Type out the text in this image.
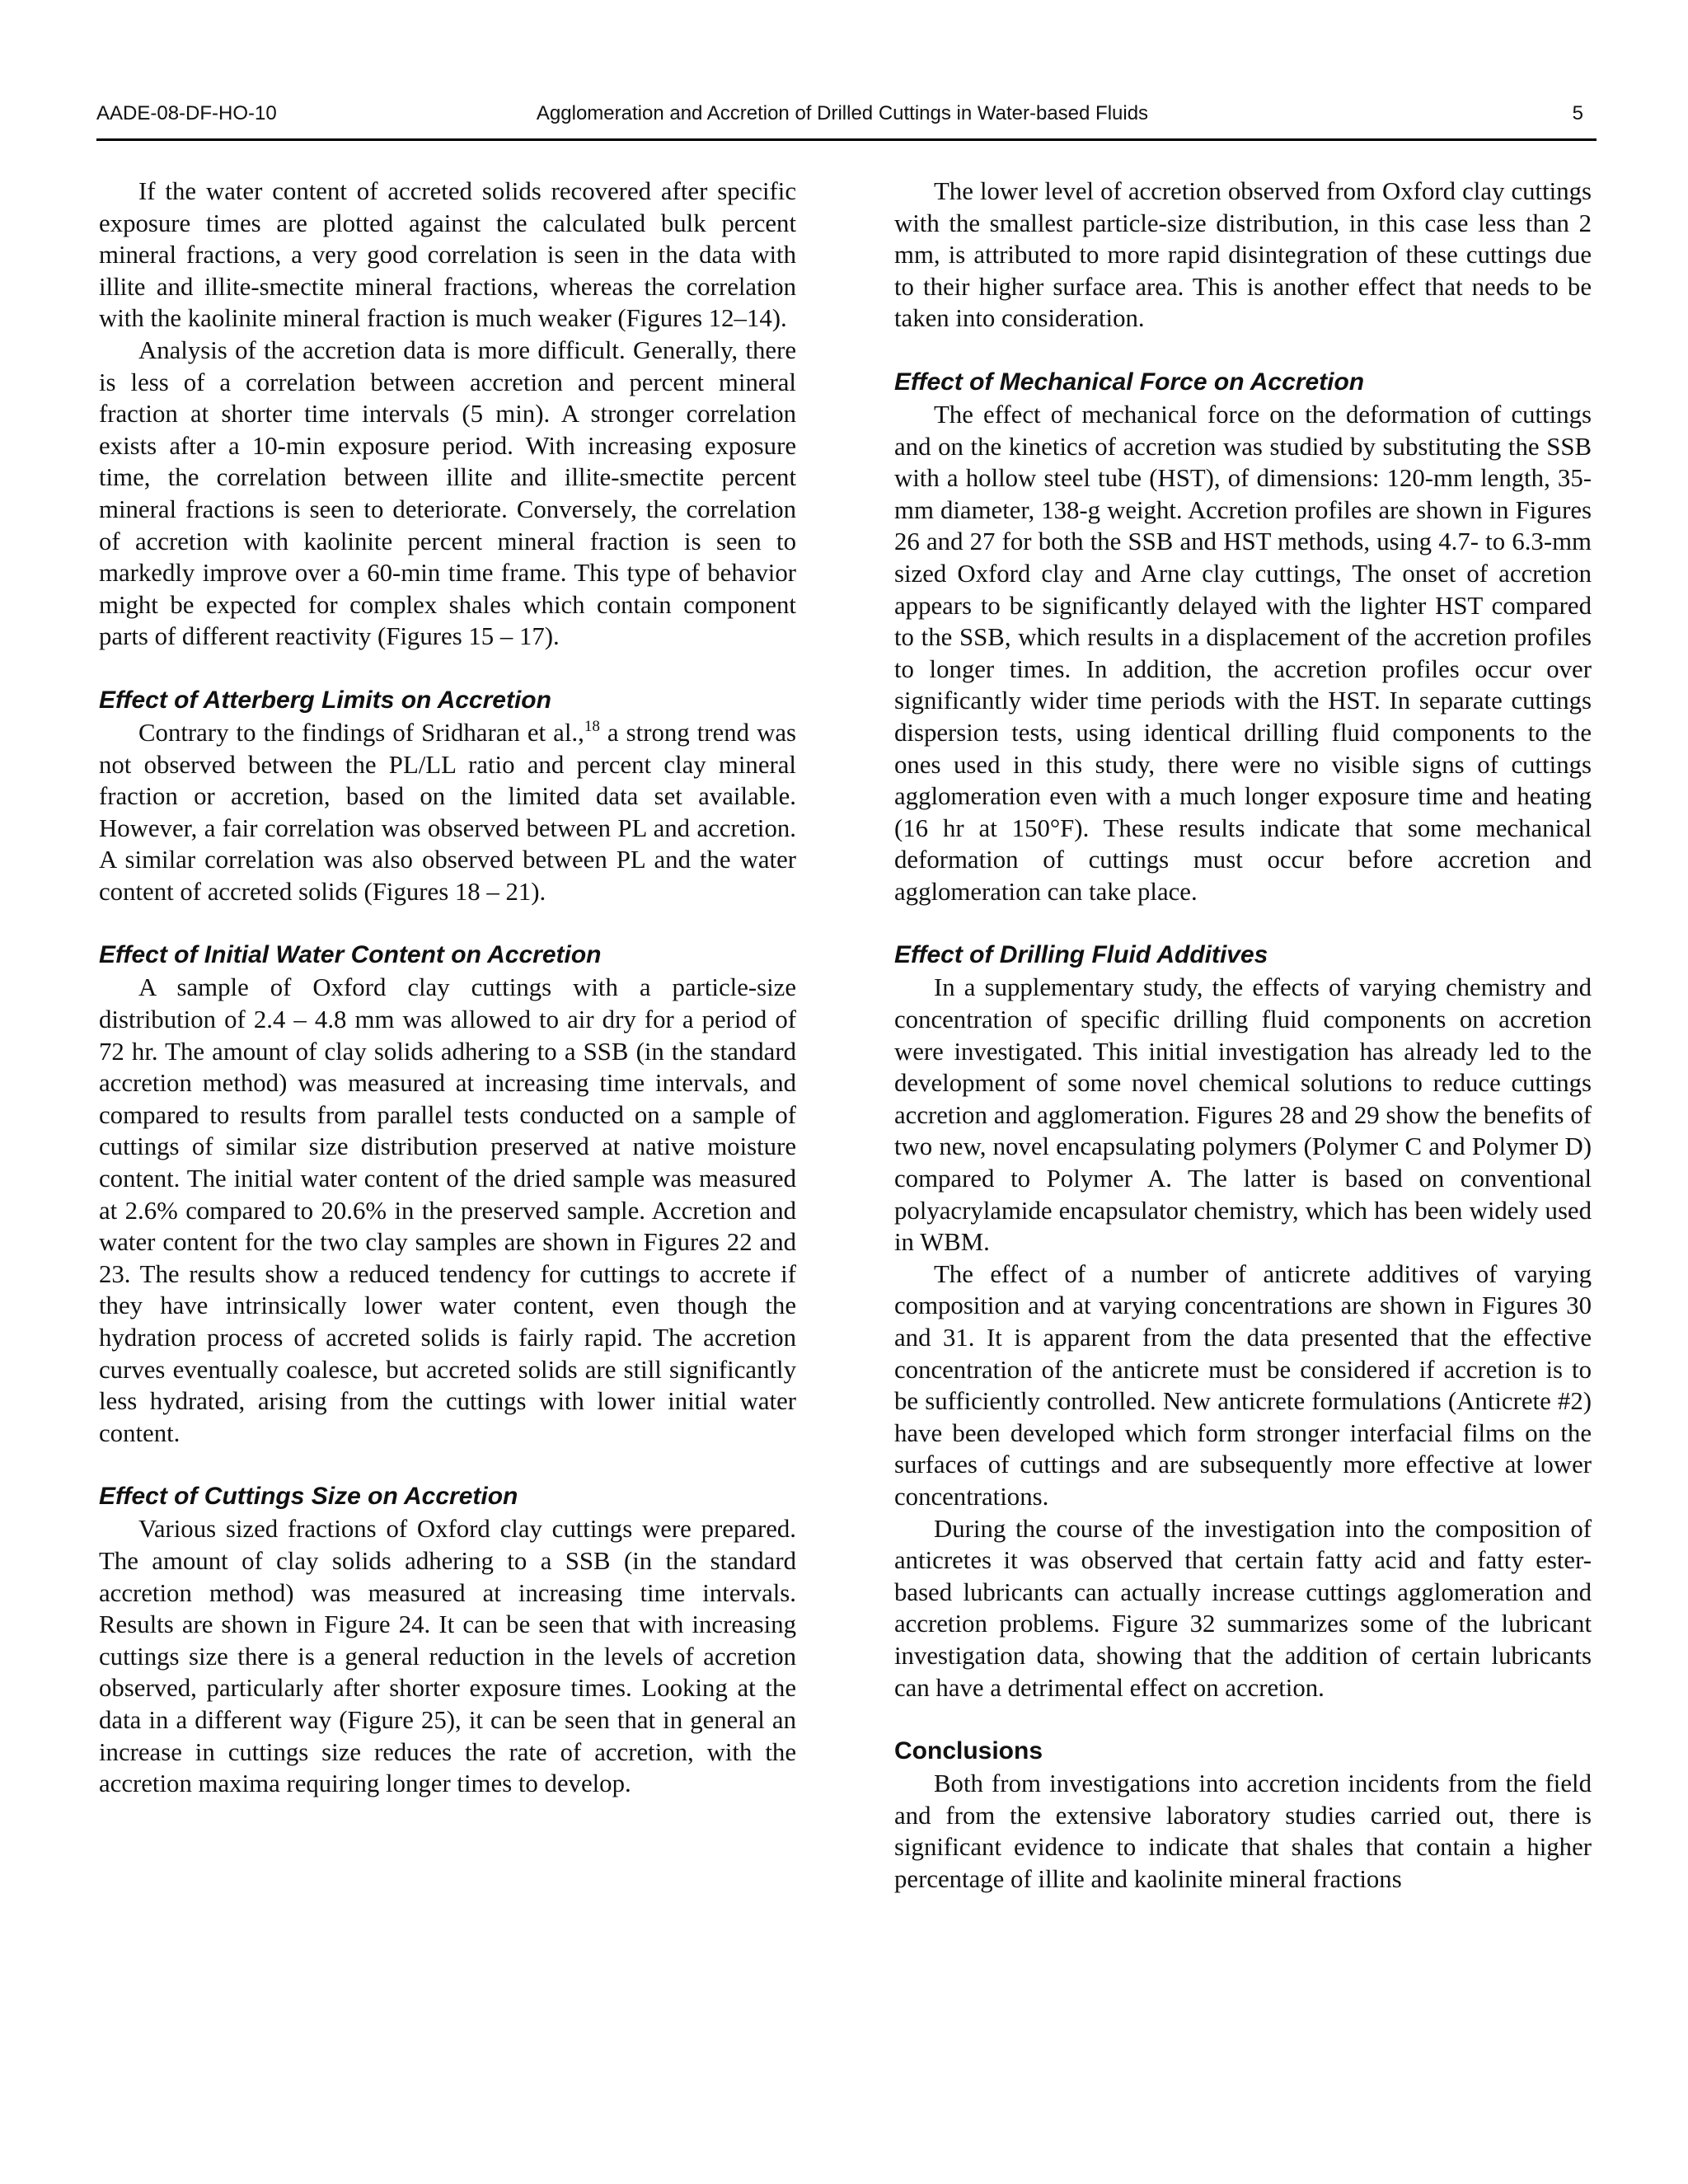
AADE-08-DF-HO-10	Agglomeration and Accretion of Drilled Cuttings in Water-based Fluids	5

If the water content of accreted solids recovered after specific exposure times are plotted against the calculated bulk percent mineral fractions, a very good correlation is seen in the data with illite and illite-smectite mineral fractions, whereas the correlation with the kaolinite mineral fraction is much weaker (Figures 12–14).

Analysis of the accretion data is more difficult. Generally, there is less of a correlation between accretion and percent mineral fraction at shorter time intervals (5 min). A stronger correlation exists after a 10-min exposure period. With increasing exposure time, the correlation between illite and illite-smectite percent mineral fractions is seen to deteriorate. Conversely, the correlation of accretion with kaolinite percent mineral fraction is seen to markedly improve over a 60-min time frame. This type of behavior might be expected for complex shales which contain component parts of different reactivity (Figures 15 – 17).

Effect of Atterberg Limits on Accretion

Contrary to the findings of Sridharan et al.,$^{18}$ a strong trend was not observed between the PL/LL ratio and percent clay mineral fraction or accretion, based on the limited data set available. However, a fair correlation was observed between PL and accretion. A similar correlation was also observed between PL and the water content of accreted solids (Figures 18 – 21).

Effect of Initial Water Content on Accretion

A sample of Oxford clay cuttings with a particle-size distribution of 2.4 – 4.8 mm was allowed to air dry for a period of 72 hr. The amount of clay solids adhering to a SSB (in the standard accretion method) was measured at increasing time intervals, and compared to results from parallel tests conducted on a sample of cuttings of similar size distribution preserved at native moisture content. The initial water content of the dried sample was measured at 2.6% compared to 20.6% in the preserved sample. Accretion and water content for the two clay samples are shown in Figures 22 and 23. The results show a reduced tendency for cuttings to accrete if they have intrinsically lower water content, even though the hydration process of accreted solids is fairly rapid. The accretion curves eventually coalesce, but accreted solids are still significantly less hydrated, arising from the cuttings with lower initial water content.

Effect of Cuttings Size on Accretion

Various sized fractions of Oxford clay cuttings were prepared. The amount of clay solids adhering to a SSB (in the standard accretion method) was measured at increasing time intervals. Results are shown in Figure 24. It can be seen that with increasing cuttings size there is a general reduction in the levels of accretion observed, particularly after shorter exposure times. Looking at the data in a different way (Figure 25), it can be seen that in general an increase in cuttings size reduces the rate of accretion, with the accretion maxima requiring longer times to develop.

The lower level of accretion observed from Oxford clay cuttings with the smallest particle-size distribution, in this case less than 2 mm, is attributed to more rapid disintegration of these cuttings due to their higher surface area. This is another effect that needs to be taken into consideration.

Effect of Mechanical Force on Accretion

The effect of mechanical force on the deformation of cuttings and on the kinetics of accretion was studied by substituting the SSB with a hollow steel tube (HST), of dimensions: 120-mm length, 35-mm diameter, 138-g weight. Accretion profiles are shown in Figures 26 and 27 for both the SSB and HST methods, using 4.7- to 6.3-mm sized Oxford clay and Arne clay cuttings, The onset of accretion appears to be significantly delayed with the lighter HST compared to the SSB, which results in a displacement of the accretion profiles to longer times. In addition, the accretion profiles occur over significantly wider time periods with the HST. In separate cuttings dispersion tests, using identical drilling fluid components to the ones used in this study, there were no visible signs of cuttings agglomeration even with a much longer exposure time and heating (16 hr at 150°F). These results indicate that some mechanical deformation of cuttings must occur before accretion and agglomeration can take place.

Effect of Drilling Fluid Additives

In a supplementary study, the effects of varying chemistry and concentration of specific drilling fluid components on accretion were investigated. This initial investigation has already led to the development of some novel chemical solutions to reduce cuttings accretion and agglomeration. Figures 28 and 29 show the benefits of two new, novel encapsulating polymers (Polymer C and Polymer D) compared to Polymer A. The latter is based on conventional polyacrylamide encapsulator chemistry, which has been widely used in WBM.

The effect of a number of anticrete additives of varying composition and at varying concentrations are shown in Figures 30 and 31. It is apparent from the data presented that the effective concentration of the anticrete must be considered if accretion is to be sufficiently controlled. New anticrete formulations (Anticrete #2) have been developed which form stronger interfacial films on the surfaces of cuttings and are subsequently more effective at lower concentrations.

During the course of the investigation into the composition of anticretes it was observed that certain fatty acid and fatty ester-based lubricants can actually increase cuttings agglomeration and accretion problems. Figure 32 summarizes some of the lubricant investigation data, showing that the addition of certain lubricants can have a detrimental effect on accretion.

Conclusions

Both from investigations into accretion incidents from the field and from the extensive laboratory studies carried out, there is significant evidence to indicate that shales that contain a higher percentage of illite and kaolinite mineral fractions
